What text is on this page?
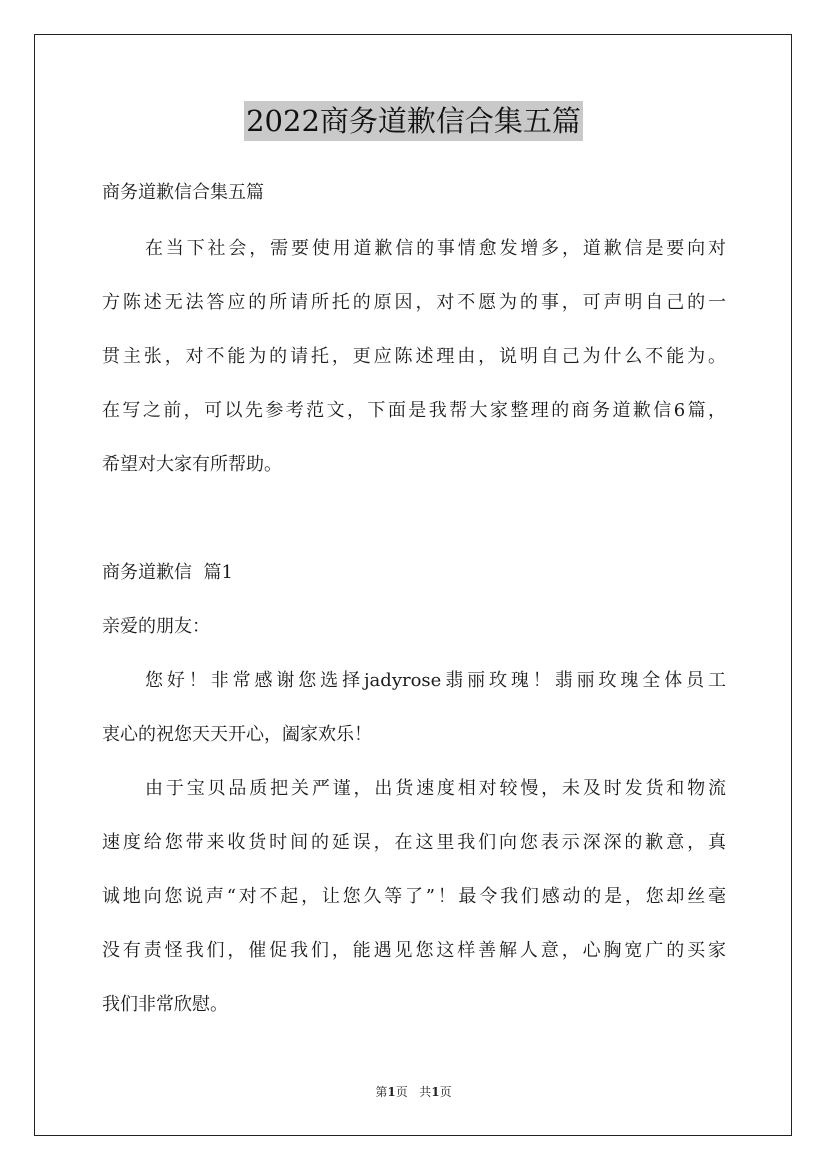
2022商务道歉信合集五篇

商务道歉信合集五篇

在当下社会，需要使用道歉信的事情愈发增多，道歉信是要向对

方陈述无法答应的所请所托的原因，对不愿为的事，可声明自己的一

贯主张，对不能为的请托，更应陈述理由，说明自己为什么不能为。

在写之前，可以先参考范文，下面是我帮大家整理的商务道歉信6篇，

希望对大家有所帮助。

商务道歉信  篇1

亲爱的朋友：

您好！非常感谢您选择jadyrose翡丽玫瑰！翡丽玫瑰全体员工

衷心的祝您天天开心，阖家欢乐！

由于宝贝品质把关严谨，出货速度相对较慢，未及时发货和物流

速度给您带来收货时间的延误，在这里我们向您表示深深的歉意，真

诚地向您说声“对不起，让您久等了”！最令我们感动的是，您却丝毫

没有责怪我们，催促我们，能遇见您这样善解人意，心胸宽广的买家

我们非常欣慰。

第1页   共1页
